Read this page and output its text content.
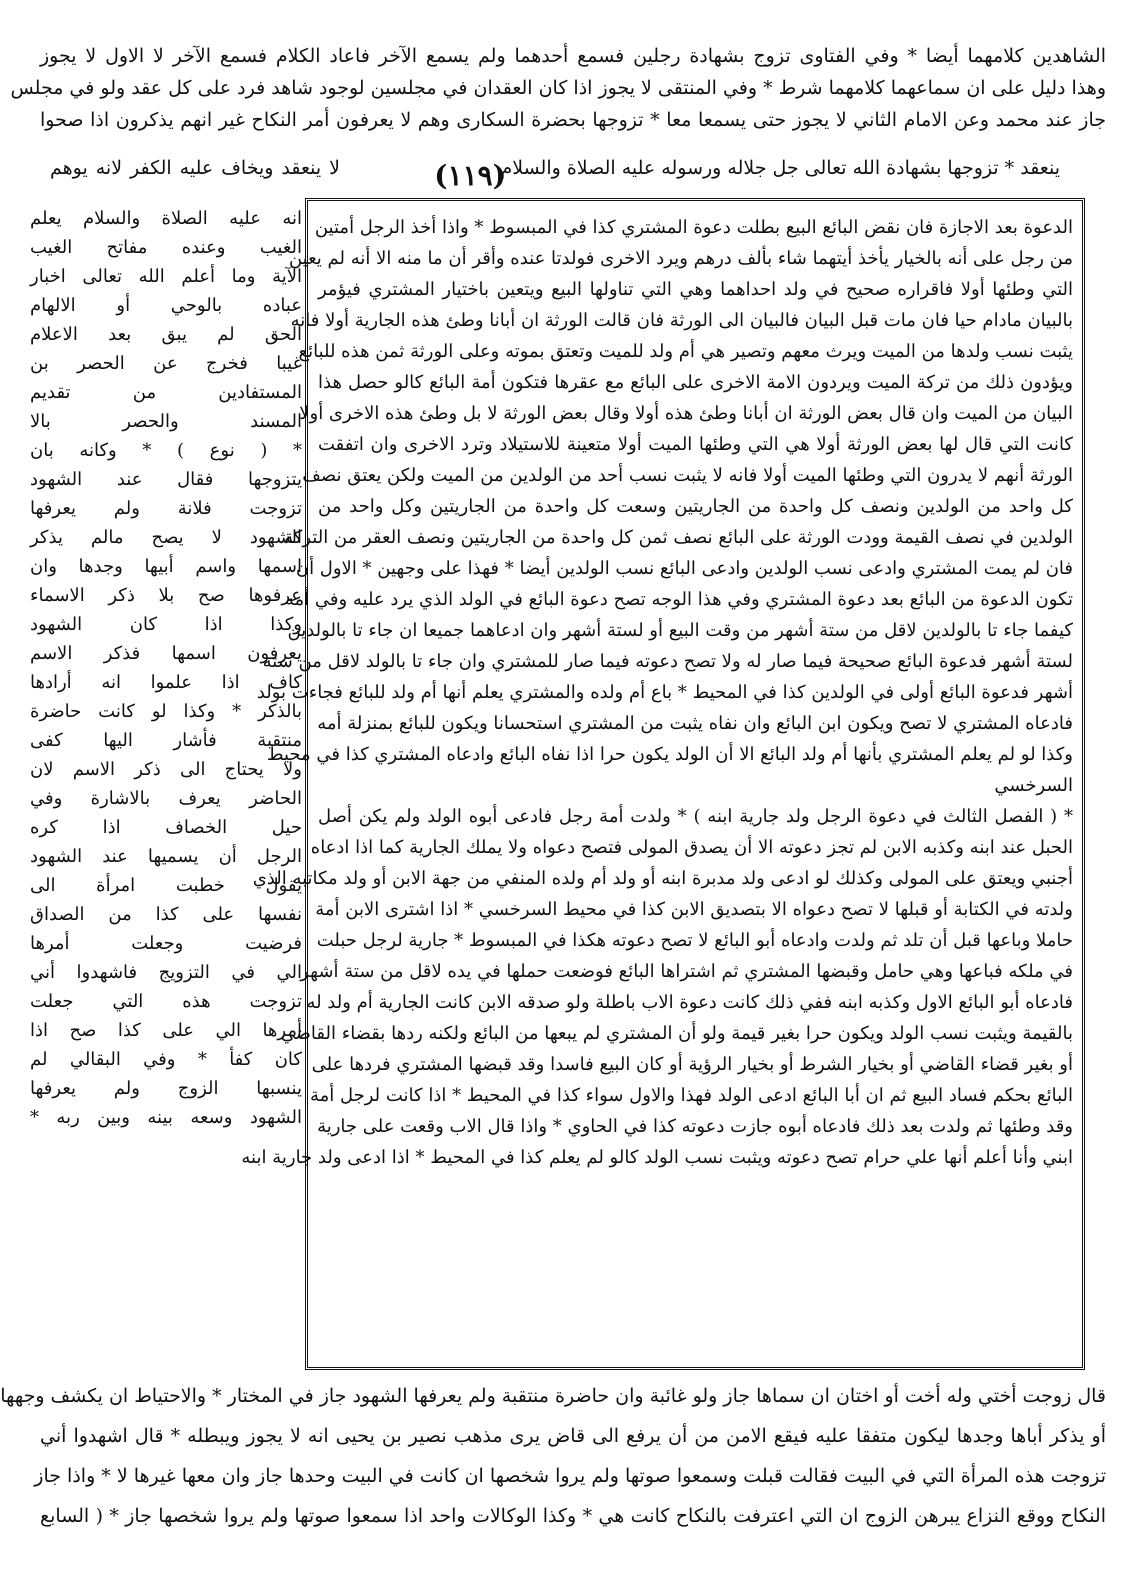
الشاهدين كلامهما أيضا * وفي الفتاوى تزوج بشهادة رجلين فسمع أحدهما ولم يسمع الآخر فاعاد الكلام فسمع الآخر لا الاول لا يجوز
وهذا دليل على ان سماعهما كلامهما شرط * وفي المنتقى لا يجوز اذا كان العقدان في مجلسين لوجود شاهد فرد على كل عقد ولو في مجلس
جاز عند محمد وعن الامام الثاني لا يجوز حتى يسمعا معا * تزوجها بحضرة السكارى وهم لا يعرفون أمر النكاح غير انهم يذكرون اذا صحوا
ينعقد * تزوجها بشهادة الله تعالى جل جلاله ورسوله عليه الصلاة والسلام
لا ينعقد ويخاف عليه الكفر لانه يوهم	(١١٩)
الدعوة بعد الاجازة فان نقض البائع البيع بطلت دعوة المشتري كذا في المبسوط * واذا أخذ الرجل أمتين
من رجل على أنه بالخيار يأخذ أيتهما شاء بألف درهم ويرد الاخرى فولدتا عنده وأقر أن ما منه الا أنه لم يعين
التي وطئها أولا فاقراره صحيح في ولد احداهما وهي التي تناولها البيع ويتعين باختيار المشتري فيؤمر
بالبيان مادام حيا فان مات قبل البيان فالبيان الى الورثة فان قالت الورثة ان أبانا وطئ هذه الجارية أولا فانه
يثبت نسب ولدها من الميت ويرث معهم وتصير هي أم ولد للميت وتعتق بموته وعلى الورثة ثمن هذه للبائع
ويؤدون ذلك من تركة الميت ويردون الامة الاخرى على البائع مع عقرها فتكون أمة البائع كالو حصل هذا
البيان من الميت وان قال بعض الورثة ان أبانا وطئ هذه أولا وقال بعض الورثة لا بل وطئ هذه الاخرى أولا
كانت التي قال لها بعض الورثة أولا هي التي وطئها الميت أولا متعينة للاستيلاد وترد الاخرى وان اتفقت
الورثة أنهم لا يدرون التي وطئها الميت أولا فانه لا يثبت نسب أحد من الولدين من الميت ولكن يعتق نصف
كل واحد من الولدين ونصف كل واحدة من الجاريتين وسعت كل واحدة من الجاريتين وكل واحد من
الولدين في نصف القيمة وودت الورثة على البائع نصف ثمن كل واحدة من الجاريتين ونصف العقر من التركة
فان لم يمت المشتري وادعى نسب الولدين وادعى البائع نسب الولدين أيضا * فهذا على وجهين * الاول أن
تكون الدعوة من البائع بعد دعوة المشتري وفي هذا الوجه تصح دعوة البائع في الولد الذي يرد عليه وفي أمه
كيفما جاء تا بالولدين لاقل من ستة أشهر من وقت البيع أو لستة أشهر وان ادعاهما جميعا ان جاء تا بالولدين
لستة أشهر فدعوة البائع صحيحة فيما صار له ولا تصح دعوته فيما صار للمشتري وان جاء تا بالولد لاقل من ستة
أشهر فدعوة البائع أولى في الولدين كذا في المحيط * باع أم ولده والمشتري يعلم أنها أم ولد للبائع فجاءت بولد
فادعاه المشتري لا تصح ويكون ابن البائع وان نفاه يثبت من المشتري استحسانا ويكون للبائع بمنزلة أمه
وكذا لو لم يعلم المشتري بأنها أم ولد البائع الا أن الولد يكون حرا اذا نفاه البائع وادعاه المشتري كذا في محيط
السرخسي
* ( الفصل الثالث في دعوة الرجل ولد جارية ابنه ) * ولدت أمة رجل فادعى أبوه الولد ولم يكن أصل
الحبل عند ابنه وكذبه الابن لم تجز دعوته الا أن يصدق المولى فتصح دعواه ولا يملك الجارية كما اذا ادعاه
أجنبي ويعتق على المولى وكذلك لو ادعى ولد مدبرة ابنه أو ولد أم ولده المنفي من جهة الابن أو ولد مكاتبه الذي
ولدته في الكتابة أو قبلها لا تصح دعواه الا بتصديق الابن كذا في محيط السرخسي * اذا اشترى الابن أمة
حاملا وباعها قبل أن تلد ثم ولدت وادعاه أبو البائع لا تصح دعوته هكذا في المبسوط * جارية لرجل حبلت
في ملكه فباعها وهي حامل وقبضها المشتري ثم اشتراها البائع فوضعت حملها في يده لاقل من ستة أشهر
فادعاه أبو البائع الاول وكذبه ابنه ففي ذلك كانت دعوة الاب باطلة ولو صدقه الابن كانت الجارية أم ولد له
بالقيمة ويثبت نسب الولد ويكون حرا بغير قيمة ولو أن المشتري لم يبعها من البائع ولكنه ردها بقضاء القاضي
أو بغير قضاء القاضي أو بخيار الشرط أو بخيار الرؤية أو كان البيع فاسدا وقد قبضها المشتري فردها على
البائع بحكم فساد البيع ثم ان أبا البائع ادعى الولد فهذا والاول سواء كذا في المحيط * اذا كانت لرجل أمة
وقد وطئها ثم ولدت بعد ذلك فادعاه أبوه جازت دعوته كذا في الحاوي * واذا قال الاب وقعت على جارية
ابني وأنا أعلم أنها علي حرام تصح دعوته ويثبت نسب الولد كالو لم يعلم كذا في المحيط * اذا ادعى ولد جارية ابنه
انه عليه الصلاة والسلام يعلم
الغيب وعنده مفاتح الغيب
الآية وما أعلم الله تعالى اخبار
عباده بالوحي أو الالهام
الحق لم يبق بعد الاعلام
غيبا فخرج عن الحصر بن
المستفادين من تقديم
المسند والحصر بالا
* ( نوع ) * وكانه بان
يتزوجها فقال عند الشهود
تزوجت فلانة ولم يعرفها
الشهود لا يصح مالم يذكر
اسمها واسم أبيها وجدها وان
عرفوها صح بلا ذكر الاسماء
وكذا اذا كان الشهود
يعرفون اسمها فذكر الاسم
كاف اذا علموا انه أرادها
بالذكر * وكذا لو كانت حاضرة
منتقبة فأشار اليها كفى
ولا يحتاج الى ذكر الاسم لان
الحاضر يعرف بالاشارة وفي
حيل الخصاف اذا كره
الرجل أن يسميها عند الشهود
يقول خطبت امرأة الى
نفسها على كذا من الصداق
فرضيت وجعلت أمرها
الي في التزويج فاشهدوا أني
تزوجت هذه التي جعلت
أمرها الي على كذا صح اذا
كان كفأ * وفي البقالي لم
ينسبها الزوج ولم يعرفها
الشهود وسعه بينه وبين ربه *
قال زوجت أختي وله أخت أو اختان ان سماها جاز ولو غائبة وان حاضرة منتقبة ولم يعرفها الشهود جاز في المختار * والاحتياط ان يكشف وجهها
أو يذكر أباها وجدها ليكون متفقا عليه فيقع الامن من أن يرفع الى قاض يرى مذهب نصير بن يحيى انه لا يجوز ويبطله * قال اشهدوا أني
تزوجت هذه المرأة التي في البيت فقالت قبلت وسمعوا صوتها ولم يروا شخصها ان كانت في البيت وحدها جاز وان معها غيرها لا * واذا جاز
النكاح ووقع النزاع يبرهن الزوج ان التي اعترفت بالنكاح كانت هي * وكذا الوكالات واحد اذا سمعوا صوتها ولم يروا شخصها جاز * ( السابع
